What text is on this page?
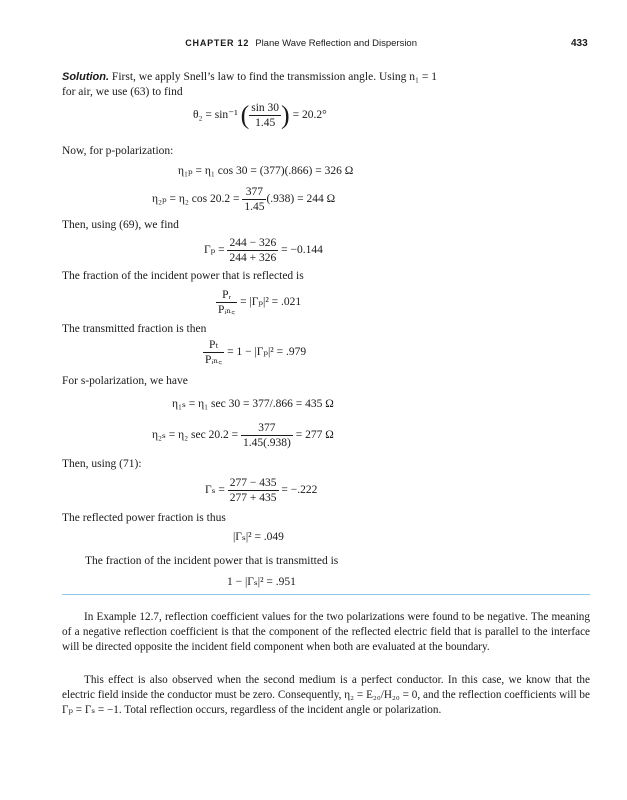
CHAPTER 12 Plane Wave Reflection and Dispersion	433
Solution. First, we apply Snell’s law to find the transmission angle. Using n₁ = 1
for air, we use (63) to find
θ₂ = sin⁻¹ ( $\frac{\sin 30}{1.45}$ ) = 20.2°
Now, for p-polarization:
η₁ₚ = η₁ cos 30 = (377)(.866) = 326 Ω
η₂ₚ = η₂ $\cos 20.2 = \frac{377}{1.45} (.938) = 244$ Ω
Then, using (69), we find
$\Gamma_p = \frac{244 - 326}{244 + 326} = -0.144$
The fraction of the incident power that is reflected is
$\frac{\text{Pᵣ}}{\text{Pᵢₙ꜀}} = |\Gamma_p|^2 = .021$
The transmitted fraction is then
$\frac{\text{Pₜ}}{\text{Pᵢₙ꜀}} = 1 - |\Gamma_p|^2 = .979$
For s-polarization, we have
η₁ₛ = η₁ sec 30 = 377/.866 = 435 Ω
η₂ₛ = η₂ $\sec 20.2 = \frac{377}{1.45(.938)} = 277$ Ω
Then, using (71):
$\Gamma_s = \frac{277 - 435}{277 + 435} = -.222$
The reflected power fraction is thus
|Γₛ|² = .049
The fraction of the incident power that is transmitted is
1 − |Γₛ|² = .951
In Example 12.7, reflection coefficient values for the two polarizations were found to be negative. The meaning of a negative reflection coefficient is that the component of the reflected electric field that is parallel to the interface will be directed opposite the incident field component when both are evaluated at the boundary.
This effect is also observed when the second medium is a perfect conductor. In this case, we know that the electric field inside the conductor must be zero. Consequently, η₂ = E₂₀/H₂₀ = 0, and the reflection coefficients will be Γₚ = Γₛ = −1. Total reflection occurs, regardless of the incident angle or polarization.
